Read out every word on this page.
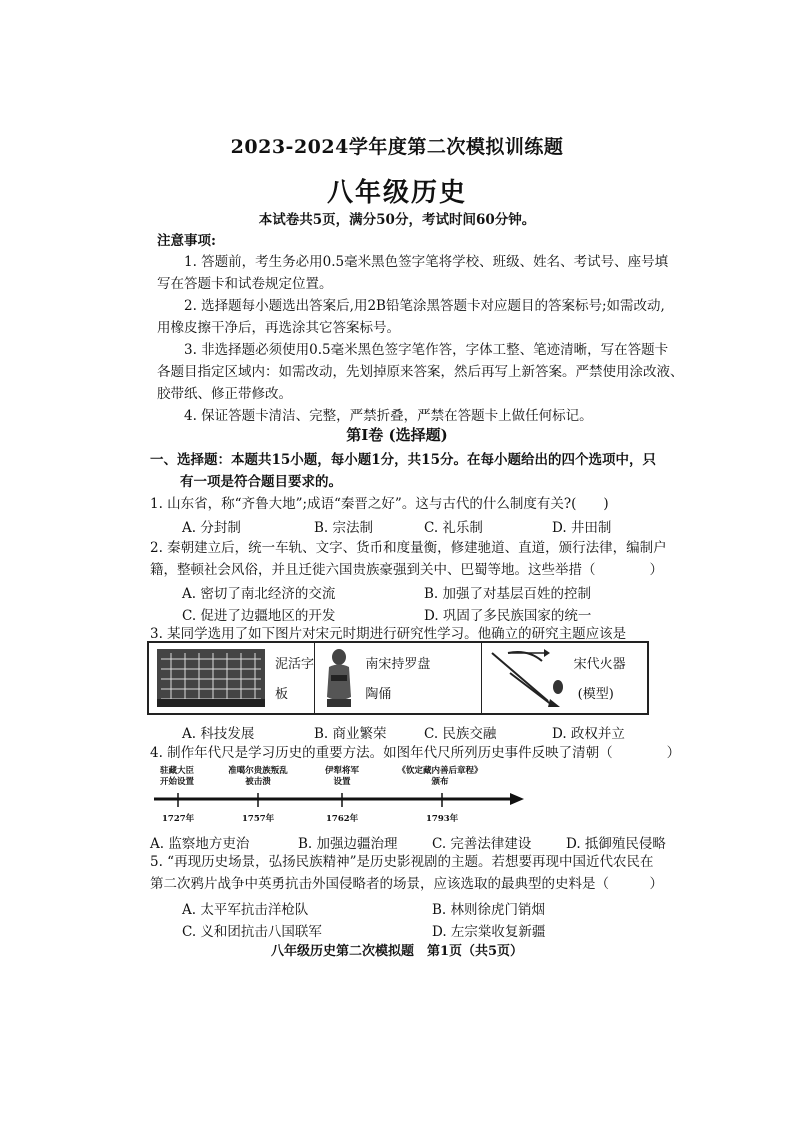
2023-2024学年度第二次模拟训练题
八年级历史
本试卷共5页，满分50分，考试时间60分钟。
注意事项:
1. 答题前，考生务必用0.5毫米黑色签字笔将学校、班级、姓名、考试号、座号填
写在答题卡和试卷规定位置。
2. 选择题每小题选出答案后,用2B铅笔涂黑答题卡对应题目的答案标号;如需改动,
用橡皮擦干净后，再选涂其它答案标号。
3. 非选择题必须使用0.5毫米黑色签字笔作答，字体工整、笔迹清晰，写在答题卡
各题目指定区域内：如需改动，先划掉原来答案，然后再写上新答案。严禁使用涂改液、
胶带纸、修正带修改。
4. 保证答题卡清洁、完整，严禁折叠，严禁在答题卡上做任何标记。
第Ⅰ卷 (选择题)
一、选择题：本题共15小题，每小题1分，共15分。在每小题给出的四个选项中，只
有一项是符合题目要求的。
1. 山东省，称“齐鲁大地”;成语“秦晋之好”。这与古代的什么制度有关?(　　)
A. 分封制	B. 宗法制	C. 礼乐制	D. 井田制
2. 秦朝建立后，统一车轨、文字、货币和度量衡，修建驰道、直道，颁行法律，编制户
籍，整顿社会风俗，并且迁徙六国贵族豪强到关中、巴蜀等地。这些举措（　　　　）
A. 密切了南北经济的交流	B. 加强了对基层百姓的控制
C. 促进了边疆地区的开发	D. 巩固了多民族国家的统一
3. 某同学选用了如下图片对宋元时期进行研究性学习。他确立的研究主题应该是
泥活字
板
南宋持罗盘
陶俑
宋代火器
(模型)
A. 科技发展	B. 商业繁荣	C. 民族交融	D. 政权并立
4. 制作年代尺是学习历史的重要方法。如图年代尺所列历史事件反映了清朝（　　　　）
驻藏大臣
开始设置
准噶尔贵族叛乱
被击溃
伊犁将军
设置
《钦定藏内善后章程》
颁布
1727年	1757年	1762年	1793年
A. 监察地方吏治	B. 加强边疆治理	C. 完善法律建设	D. 抵御殖民侵略
5. “再现历史场景，弘扬民族精神”是历史影视剧的主题。若想要再现中国近代农民在
第二次鸦片战争中英勇抗击外国侵略者的场景，应该选取的最典型的史料是（　　　）
A. 太平军抗击洋枪队	B. 林则徐虎门销烟
C. 义和团抗击八国联军	D. 左宗棠收复新疆
八年级历史第二次模拟题　第1页（共5页）
